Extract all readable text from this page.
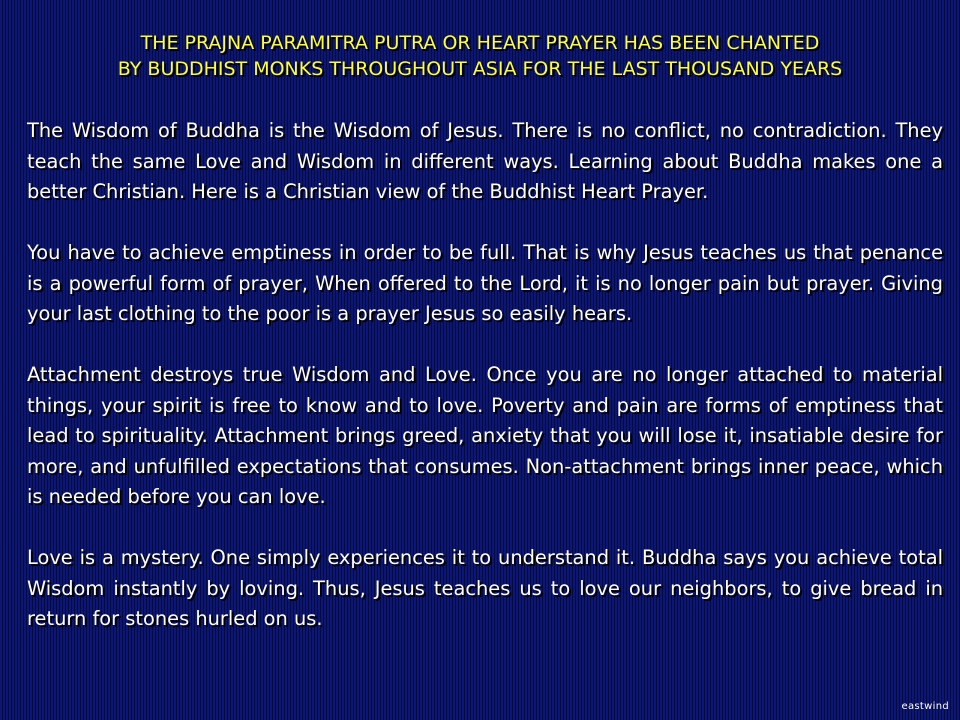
THE PRAJNA PARAMITRA PUTRA OR HEART PRAYER HAS BEEN CHANTED
BY BUDDHIST MONKS THROUGHOUT ASIA FOR THE LAST THOUSAND YEARS

The Wisdom of Buddha is the Wisdom of Jesus. There is no conflict, no contradiction. They teach the same Love and Wisdom in different ways. Learning about Buddha makes one a better Christian. Here is a Christian view of the Buddhist Heart Prayer.

You have to achieve emptiness in order to be full. That is why Jesus teaches us that penance is a powerful form of prayer, When offered to the Lord, it is no longer pain but prayer. Giving your last clothing to the poor is a prayer Jesus so easily hears.

Attachment destroys true Wisdom and Love. Once you are no longer attached to material things, your spirit is free to know and to love. Poverty and pain are forms of emptiness that lead to spirituality. Attachment brings greed, anxiety that you will lose it, insatiable desire for more, and unfulfilled expectations that consumes. Non-attachment brings inner peace, which is needed before you can love.

Love is a mystery. One simply experiences it to understand it. Buddha says you achieve total Wisdom instantly by loving. Thus, Jesus teaches us to love our neighbors, to give bread in return for stones hurled on us.

eastwind
